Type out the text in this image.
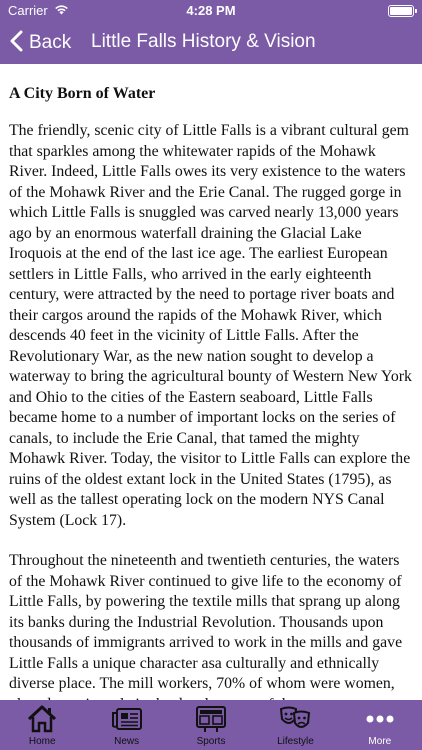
Carrier	4:28 PM
Back Little Falls History & Vision
A City Born of Water

The friendly, scenic city of Little Falls is a vibrant cultural gem that sparkles among the whitewater rapids of the Mohawk River. Indeed, Little Falls owes its very existence to the waters of the Mohawk River and the Erie Canal. The rugged gorge in which Little Falls is snuggled was carved nearly 13,000 years ago by an enormous waterfall draining the Glacial Lake Iroquois at the end of the last ice age. The earliest European settlers in Little Falls, who arrived in the early eighteenth century, were attracted by the need to portage river boats and their cargos around the rapids of the Mohawk River, which descends 40 feet in the vicinity of Little Falls. After the Revolutionary War, as the new nation sought to develop a waterway to bring the agricultural bounty of Western New York and Ohio to the cities of the Eastern seaboard, Little Falls became home to a number of important locks on the series of canals, to include the Erie Canal, that tamed the mighty Mohawk River. Today, the visitor to Little Falls can explore the ruins of the oldest extant lock in the United States (1795), as well as the tallest operating lock on the modern NYS Canal System (Lock 17).

Throughout the nineteenth and twentieth centuries, the waters of the Mohawk River continued to give life to the economy of Little Falls, by powering the textile mills that sprang up along its banks during the Industrial Revolution. Thousands upon thousands of immigrants arrived to work in the mills and gave Little Falls a unique character asa culturally and ethnically diverse place. The mill workers, 70% of whom were women,

Home	News	Sports	Lifestyle	More
